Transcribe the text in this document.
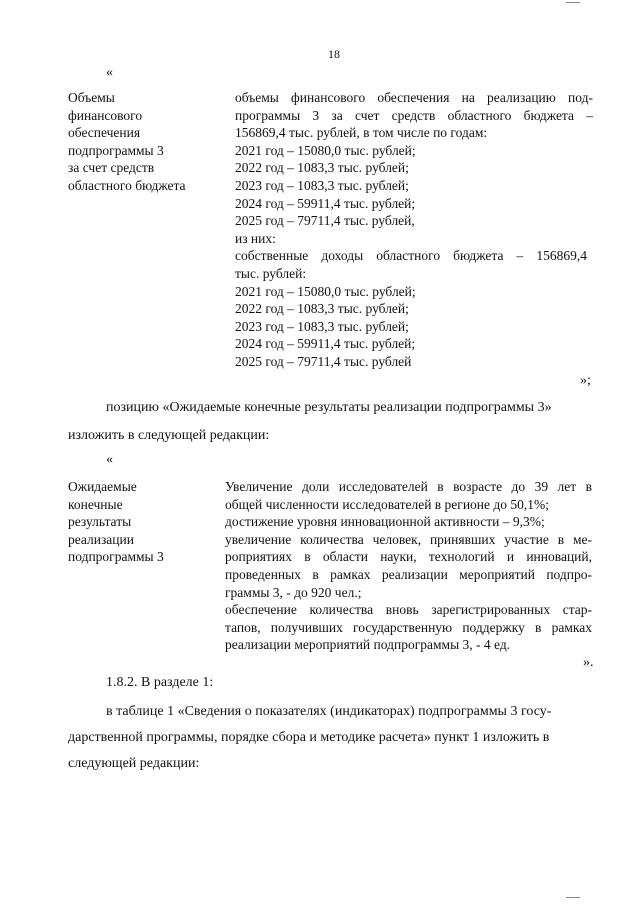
18
«
Объемы
финансового
обеспечения
подпрограммы 3
за счет средств
областного бюджета
объемы финансового обеспечения на реализацию под-
программы 3 за счет средств областного бюджета –
156869,4 тыс. рублей, в том числе по годам:
2021 год – 15080,0 тыс. рублей;
2022 год – 1083,3 тыс. рублей;
2023 год – 1083,3 тыс. рублей;
2024 год – 59911,4 тыс. рублей;
2025 год – 79711,4 тыс. рублей,
из них:
собственные доходы областного бюджета – 156869,4
тыс. рублей:
2021 год – 15080,0 тыс. рублей;
2022 год – 1083,3 тыс. рублей;
2023 год – 1083,3 тыс. рублей;
2024 год – 59911,4 тыс. рублей;
2025 год – 79711,4 тыс. рублей
»;
позицию «Ожидаемые конечные результаты реализации подпрограммы 3»
изложить в следующей редакции:
«
Ожидаемые
конечные
результаты
реализации
подпрограммы 3
Увеличение доли исследователей в возрасте до 39 лет в
общей численности исследователей в регионе до 50,1%;
достижение уровня инновационной активности – 9,3%;
увеличение количества человек, принявших участие в ме-
роприятиях в области науки, технологий и инноваций,
проведенных в рамках реализации мероприятий подпро-
граммы 3, - до 920 чел.;
обеспечение количества вновь зарегистрированных стар-
тапов, получивших государственную поддержку в рамках
реализации мероприятий подпрограммы 3, - 4 ед.
».
1.8.2. В разделе 1:
в таблице 1 «Сведения о показателях (индикаторах) подпрограммы 3 госу-
дарственной программы, порядке сбора и методике расчета» пункт 1 изложить в
следующей редакции:
